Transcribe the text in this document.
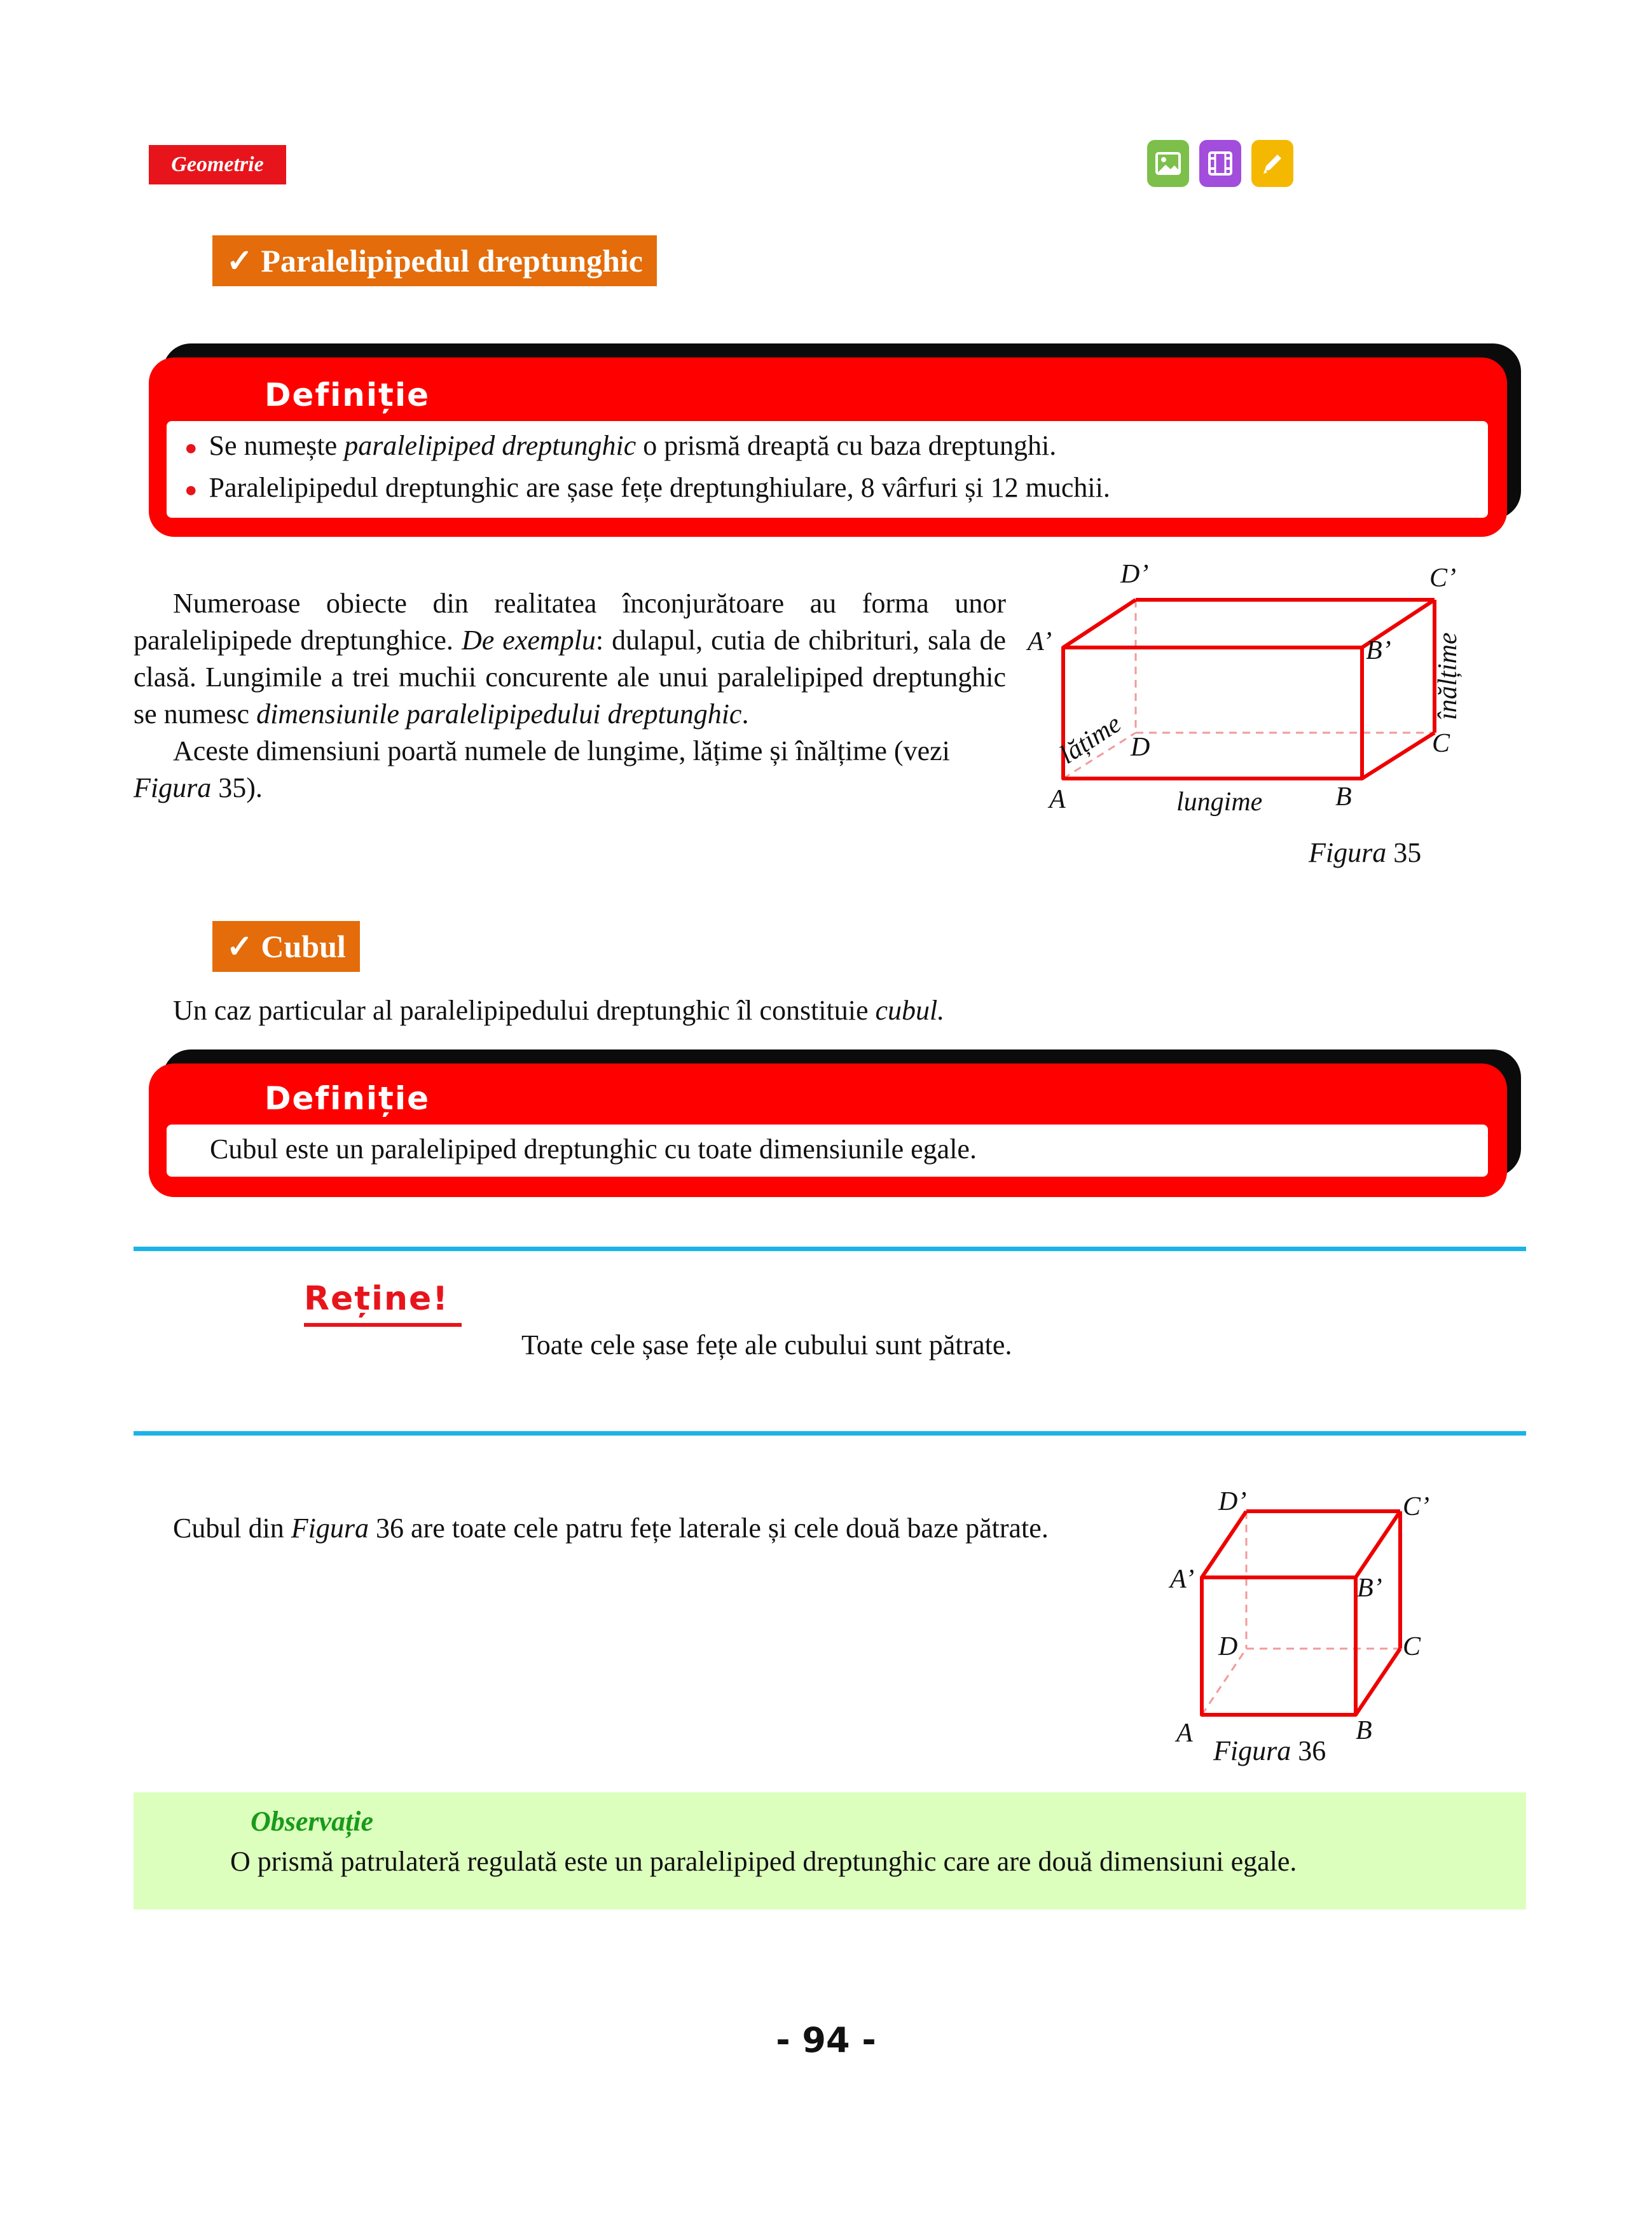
Geometrie
✓ Paralelipipedul dreptunghic
Definiție
● Se numește paralelipiped dreptunghic o prismă dreaptă cu baza dreptunghi.
● Paralelipipedul dreptunghic are șase fețe dreptunghiulare, 8 vârfuri și 12 muchii.
Numeroase obiecte din realitatea înconjurătoare au forma unor paralelipipede dreptunghice. De exemplu: dulapul, cutia de chibrituri, sala de clasă. Lungimile a trei muchii concurente ale unui paralelipiped dreptunghic se numesc dimensiunile paralelipipedului dreptunghic.
Aceste dimensiuni poartă numele de lungime, lățime și înălțime (vezi Figura 35).	A	B
C
D
A’	B’
C’
D’
lungime
lățime
înălțime
Figura 35
✓ Cubul
Un caz particular al paralelipipedului dreptunghic îl constituie cubul.
Definiție
Cubul este un paralelipiped dreptunghic cu toate dimensiunile egale.
Reține!
Toate cele șase fețe ale cubului sunt pătrate.
Cubul din Figura 36 are toate cele patru fețe laterale și cele două baze pătrate.
A	B
C
D
A’	B’
C’
D’
Figura 36
Observație
O prismă patrulateră regulată este un paralelipiped dreptunghic care are două dimensiuni egale.
- 94 -
